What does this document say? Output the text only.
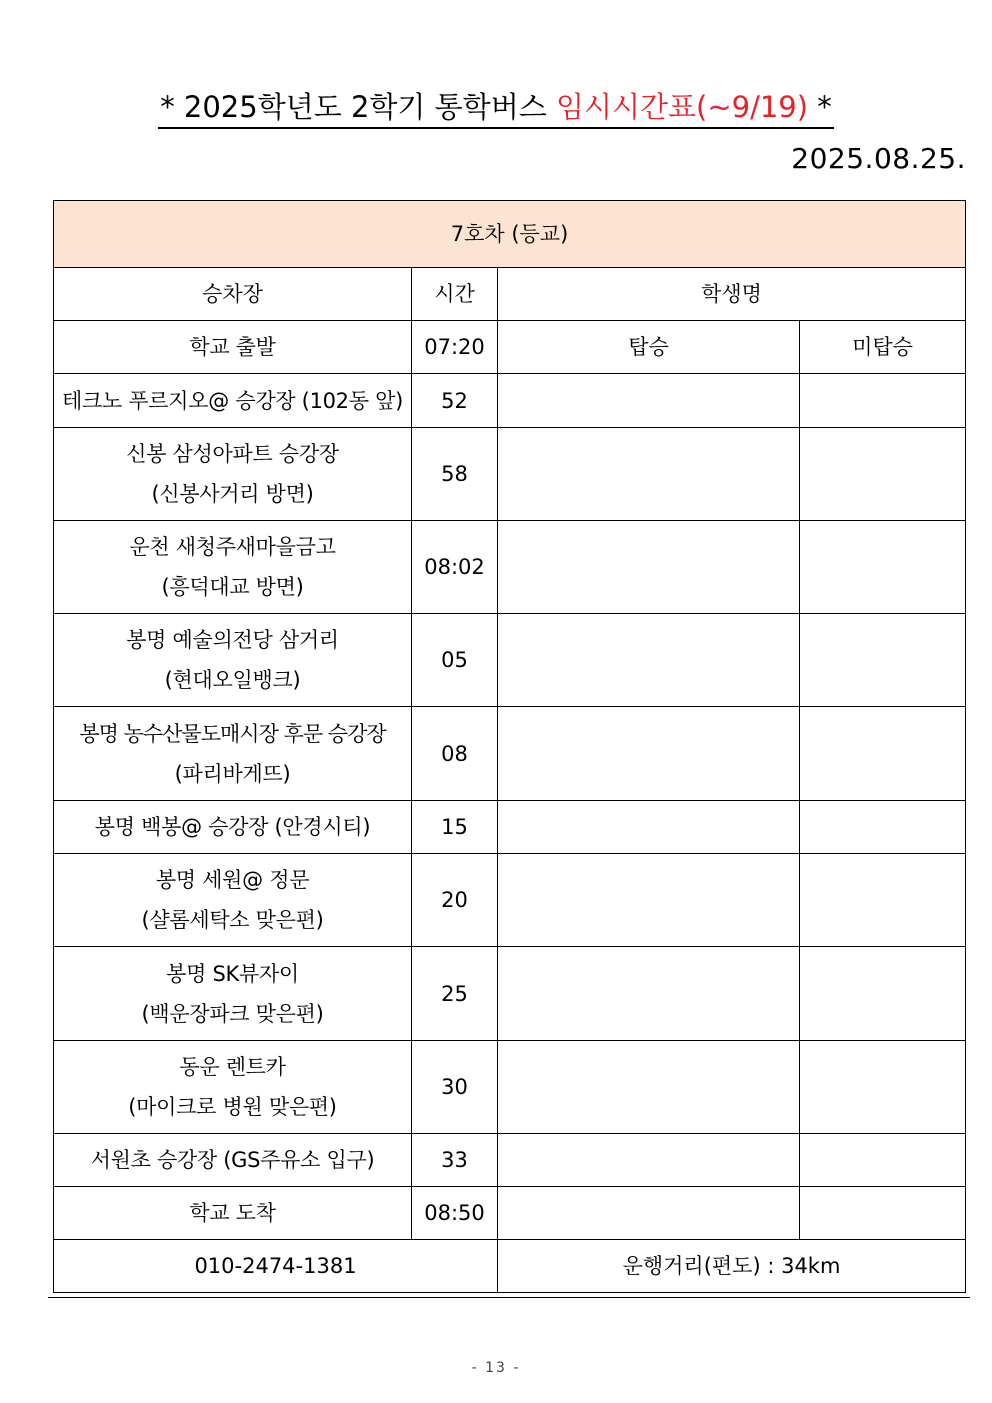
* 2025학년도 2학기 통학버스 임시시간표(~9/19) *
2025.08.25.
7호차 (등교)			
승차장	시간	학생명	
학교 출발	07:20	탑승	미탑승
테크노 푸르지오@ 승강장 (102동 앞)	52		

신봉 삼성아파트 승강장
(신봉사거리 방면)	58		

운천 새청주새마을금고
(흥덕대교 방면)	08:02		

봉명 예술의전당 삼거리
(현대오일뱅크)	05		

봉명 농수산물도매시장 후문 승강장
(파리바게뜨)	08		
봉명 백봉@ 승강장 (안경시티)	15		

봉명 세원@ 정문
(샬롬세탁소 맞은편)	20		

봉명 SK뷰자이
(백운장파크 맞은편)	25		

동운 렌트카
(마이크로 병원 맞은편)	30		
서원초 승강장 (GS주유소 입구)	33		
학교 도착	08:50		
010-2474-1381		운행거리(편도) : 34km	
- 13 -
